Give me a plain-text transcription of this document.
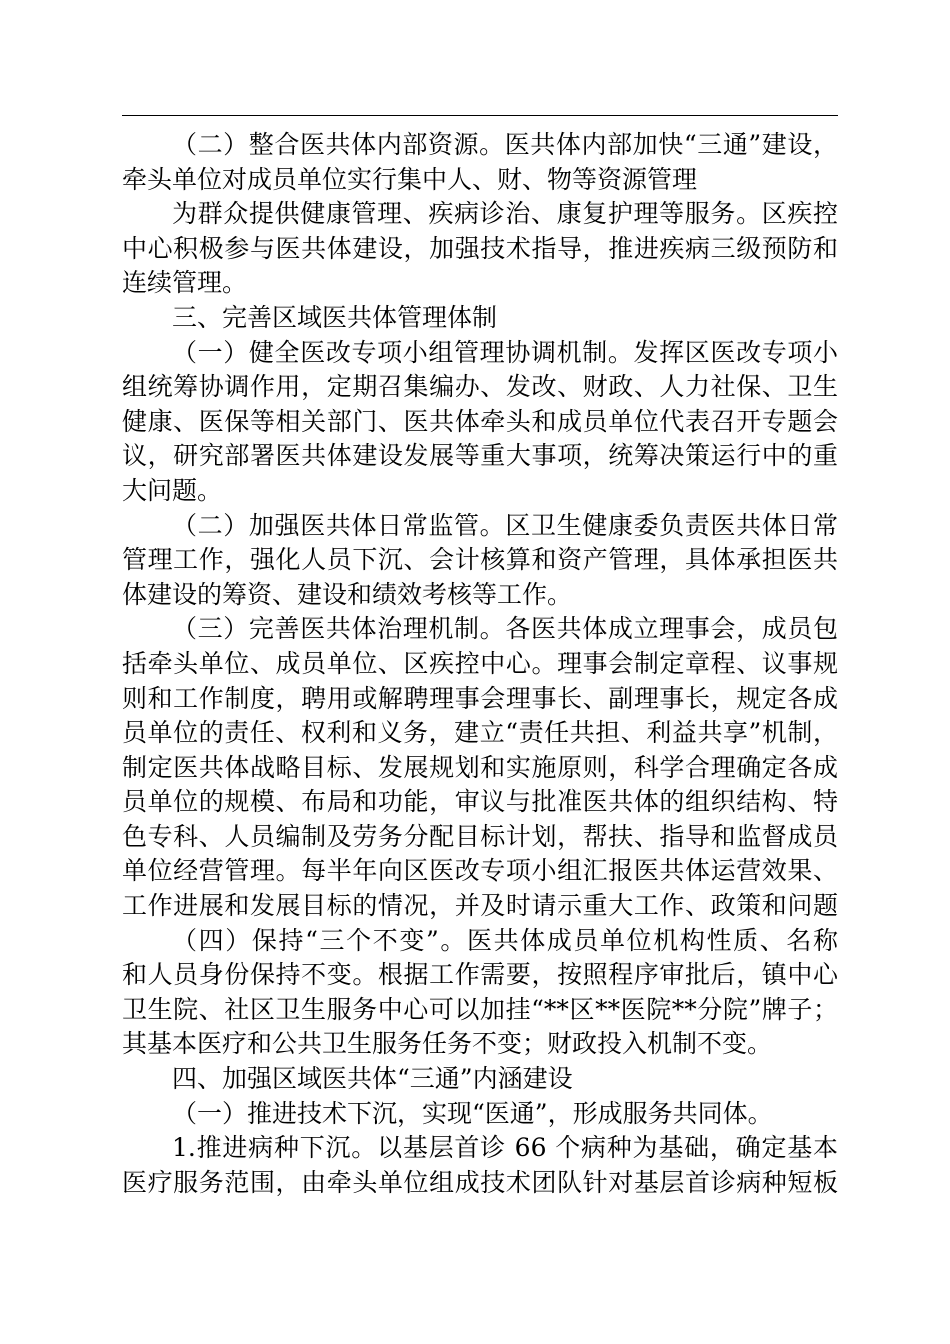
（二）整合医共体内部资源。医共体内部加快“三通”建设，
牵头单位对成员单位实行集中人、财、物等资源管理
为群众提供健康管理、疾病诊治、康复护理等服务。区疾控
中心积极参与医共体建设，加强技术指导，推进疾病三级预防和
连续管理。
三、完善区域医共体管理体制
（一）健全医改专项小组管理协调机制。发挥区医改专项小
组统筹协调作用，定期召集编办、发改、财政、人力社保、卫生
健康、医保等相关部门、医共体牵头和成员单位代表召开专题会
议，研究部署医共体建设发展等重大事项，统筹决策运行中的重
大问题。
（二）加强医共体日常监管。区卫生健康委负责医共体日常
管理工作，强化人员下沉、会计核算和资产管理，具体承担医共
体建设的筹资、建设和绩效考核等工作。
（三）完善医共体治理机制。各医共体成立理事会，成员包
括牵头单位、成员单位、区疾控中心。理事会制定章程、议事规
则和工作制度，聘用或解聘理事会理事长、副理事长，规定各成
员单位的责任、权利和义务，建立“责任共担、利益共享”机制，
制定医共体战略目标、发展规划和实施原则，科学合理确定各成
员单位的规模、布局和功能，审议与批准医共体的组织结构、特
色专科、人员编制及劳务分配目标计划，帮扶、指导和监督成员
单位经营管理。每半年向区医改专项小组汇报医共体运营效果、
工作进展和发展目标的情况，并及时请示重大工作、政策和问题
（四）保持“三个不变”。医共体成员单位机构性质、名称
和人员身份保持不变。根据工作需要，按照程序审批后，镇中心
卫生院、社区卫生服务中心可以加挂“**区**医院**分院”牌子；
其基本医疗和公共卫生服务任务不变；财政投入机制不变。
四、加强区域医共体“三通”内涵建设
（一）推进技术下沉，实现“医通”，形成服务共同体。
1.推进病种下沉。以基层首诊 66 个病种为基础，确定基本
医疗服务范围，由牵头单位组成技术团队针对基层首诊病种短板
